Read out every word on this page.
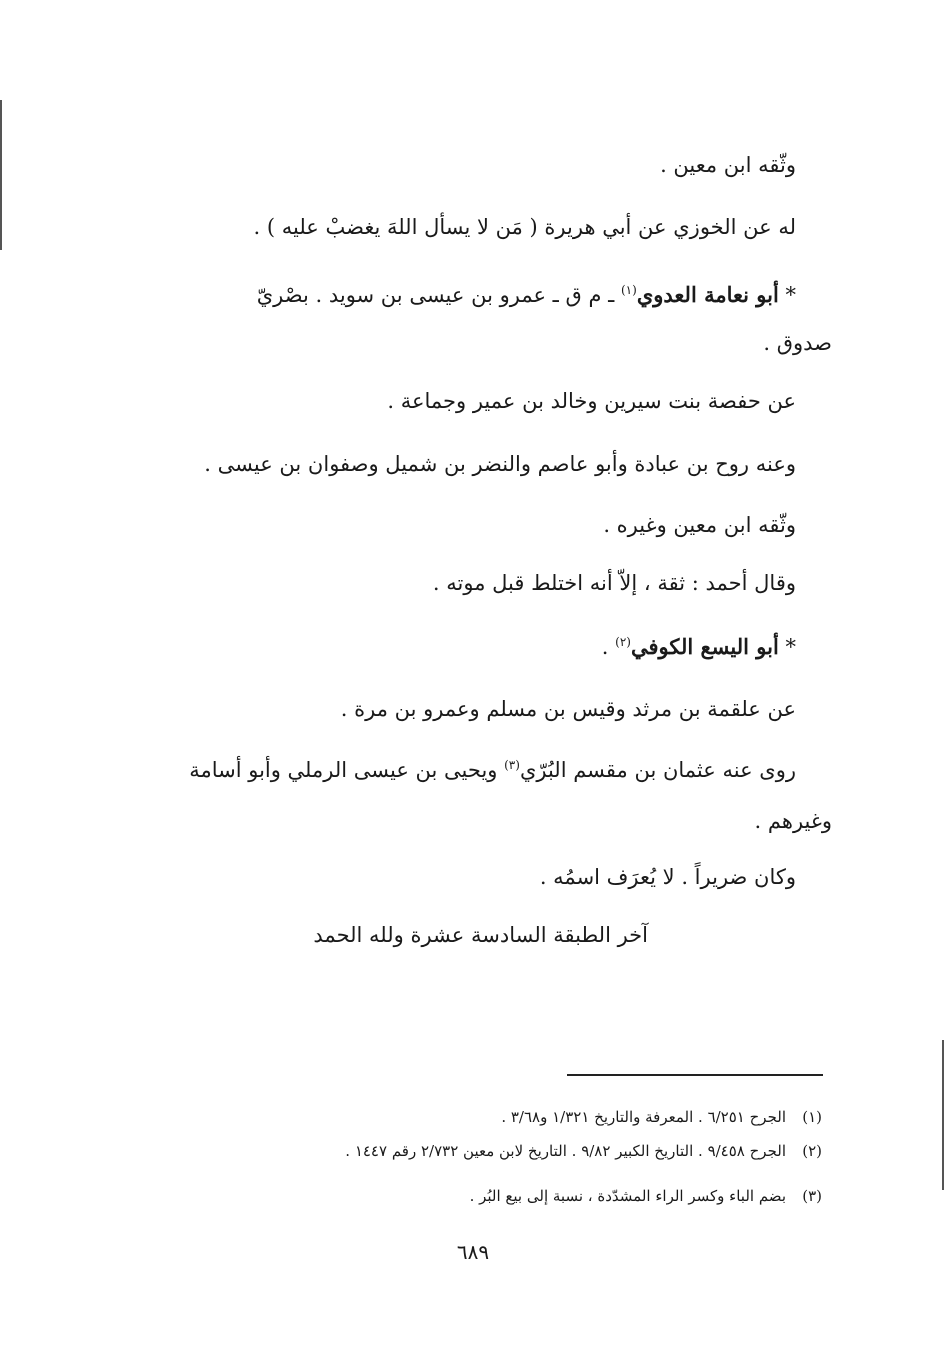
وثّقه ابن معين .
له عن الخوزي عن أبي هريرة ( مَن لا يسأل اللهَ يغضبْ عليه ) .
* أبو نعامة العدوي$^{(١)}$ ـ م ق ـ عمرو بن عيسى بن سويد . بصْريّ
صدوق .
عن حفصة بنت سيرين وخالد بن عمير وجماعة .
وعنه روح بن عبادة وأبو عاصم والنضر بن شميل وصفوان بن عيسى .
وثّقه ابن معين وغيره .
وقال أحمد : ثقة ، إلاّ أنه اختلط قبل موته .
* أبو اليسع الكوفي$^{(٢)}$ .
عن علقمة بن مرثد وقيس بن مسلم وعمرو بن مرة .
روى عنه عثمان بن مقسم البُرّي$^{(٣)}$ ويحيى بن عيسى الرملي وأبو أسامة
وغيرهم .
وكان ضريراً . لا يُعرَف اسمُه .
آخر الطبقة السادسة عشرة ولله الحمد
(١)الجرح ٦/٢٥١ . المعرفة والتاريخ ١/٣٢١ و٣/٦٨ .
(٢)الجرح ٩/٤٥٨ . التاريخ الكبير ٩/٨٢ . التاريخ لابن معين ٢/٧٣٢ رقم ١٤٤٧ .
(٣)بضم الباء وكسر الراء المشدّدة ، نسبة إلى بيع البُر .
٦٨٩
